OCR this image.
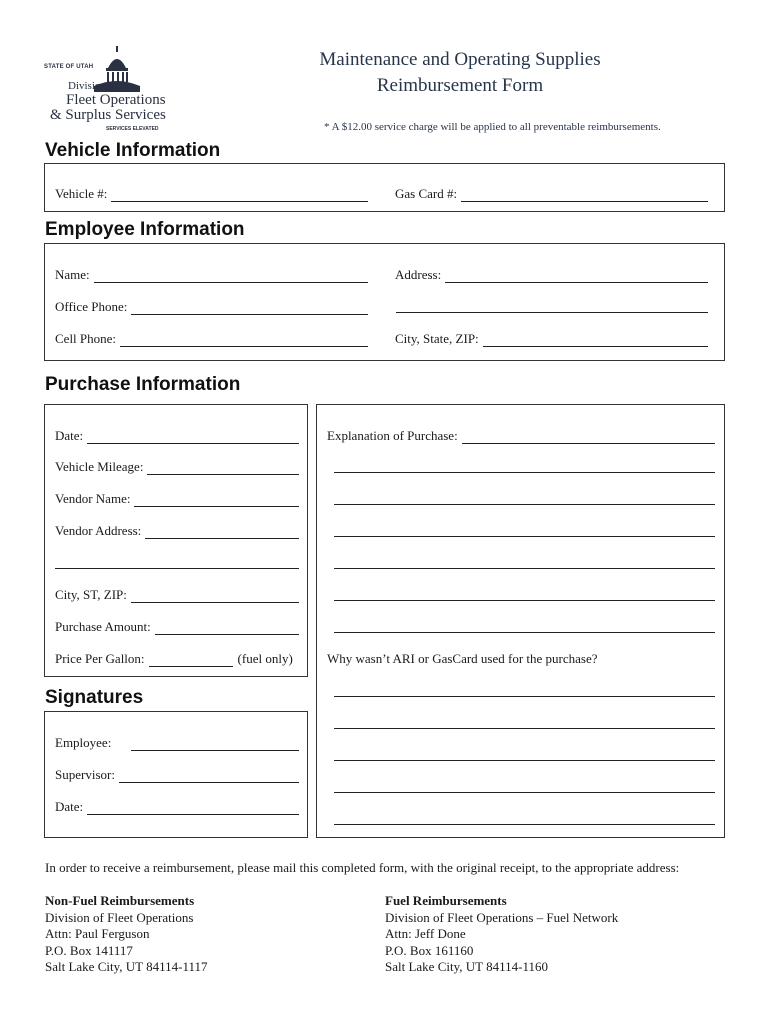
STATE OF UTAH
Division of
Fleet Operations
& Surplus Services
SERVICES ELEVATED
Maintenance and Operating Supplies
Reimbursement Form
* A $12.00 service charge will be applied to all preventable reimbursements.
Vehicle Information
Vehicle #:	Gas Card #:
Employee Information
Name:	Address:
Office Phone:
Cell Phone:	City, State, ZIP:
Purchase Information
Date:
Vehicle Mileage:
Vendor Name:
Vendor Address:
City, ST, ZIP:
Purchase Amount:
Price Per Gallon:	(fuel only)
Explanation of Purchase:
Why wasn’t ARI or GasCard used for the purchase?
Signatures
Employee:
Supervisor:
Date:
In order to receive a reimbursement, please mail this completed form, with the original receipt, to the appropriate address:
Non-Fuel Reimbursements
Division of Fleet Operations
Attn: Paul Ferguson
P.O. Box 141117
Salt Lake City, UT 84114-1117
Fuel Reimbursements
Division of Fleet Operations – Fuel Network
Attn: Jeff Done
P.O. Box 161160
Salt Lake City, UT 84114-1160
